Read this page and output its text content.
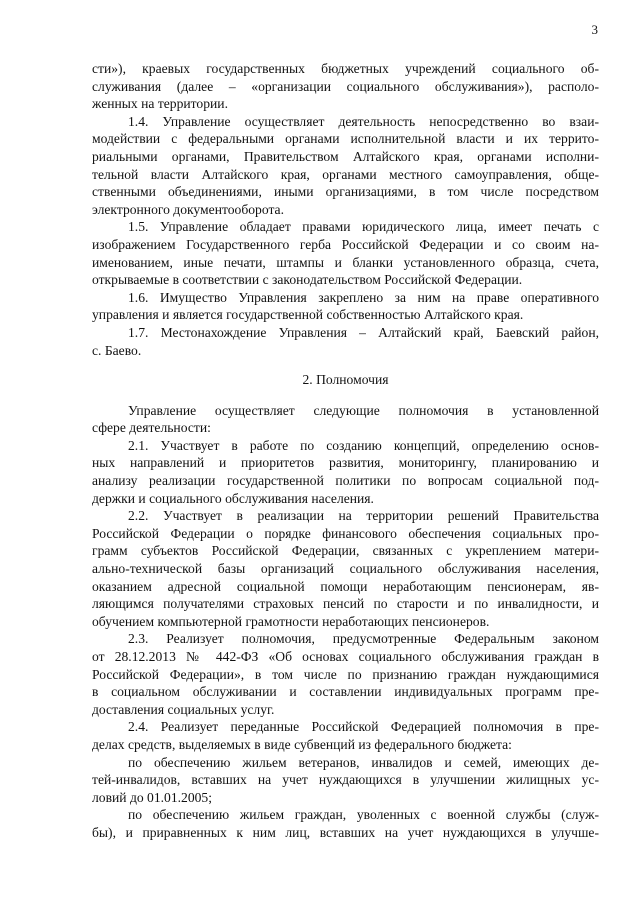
3
сти»), краевых государственных бюджетных учреждений социального об-
служивания (далее – «организации социального обслуживания»), располо-
женных на территории.
1.4. Управление осуществляет деятельность непосредственно во взаи-
модействии с федеральными органами исполнительной власти и их террито-
риальными органами, Правительством Алтайского края, органами исполни-
тельной власти Алтайского края, органами местного самоуправления, обще-
ственными объединениями, иными организациями, в том числе посредством
электронного документооборота.
1.5. Управление обладает правами юридического лица, имеет печать с
изображением Государственного герба Российской Федерации и со своим на-
именованием, иные печати, штампы и бланки установленного образца, счета,
открываемые в соответствии с законодательством Российской Федерации.
1.6. Имущество Управления закреплено за ним на праве оперативного
управления и является государственной собственностью Алтайского края.
1.7. Местонахождение Управления – Алтайский край, Баевский район,
с. Баево.
2. Полномочия
Управление осуществляет следующие полномочия в установленной
сфере деятельности:
2.1. Участвует в работе по созданию концепций, определению основ-
ных направлений и приоритетов развития, мониторингу, планированию и
анализу реализации государственной политики по вопросам социальной под-
держки и социального обслуживания населения.
2.2. Участвует в реализации на территории решений Правительства
Российской Федерации о порядке финансового обеспечения социальных про-
грамм субъектов Российской Федерации, связанных с укреплением матери-
ально-технической базы организаций социального обслуживания населения,
оказанием адресной социальной помощи неработающим пенсионерам, яв-
ляющимся получателями страховых пенсий по старости и по инвалидности, и
обучением компьютерной грамотности неработающих пенсионеров.
2.3. Реализует полномочия, предусмотренные Федеральным законом
от 28.12.2013 № 442-ФЗ «Об основах социального обслуживания граждан в
Российской Федерации», в том числе по признанию граждан нуждающимися
в социальном обслуживании и составлении индивидуальных программ пре-
доставления социальных услуг.
2.4. Реализует переданные Российской Федерацией полномочия в пре-
делах средств, выделяемых в виде субвенций из федерального бюджета:
по обеспечению жильем ветеранов, инвалидов и семей, имеющих де-
тей-инвалидов, вставших на учет нуждающихся в улучшении жилищных ус-
ловий до 01.01.2005;
по обеспечению жильем граждан, уволенных с военной службы (служ-
бы), и приравненных к ним лиц, вставших на учет нуждающихся в улучше-
